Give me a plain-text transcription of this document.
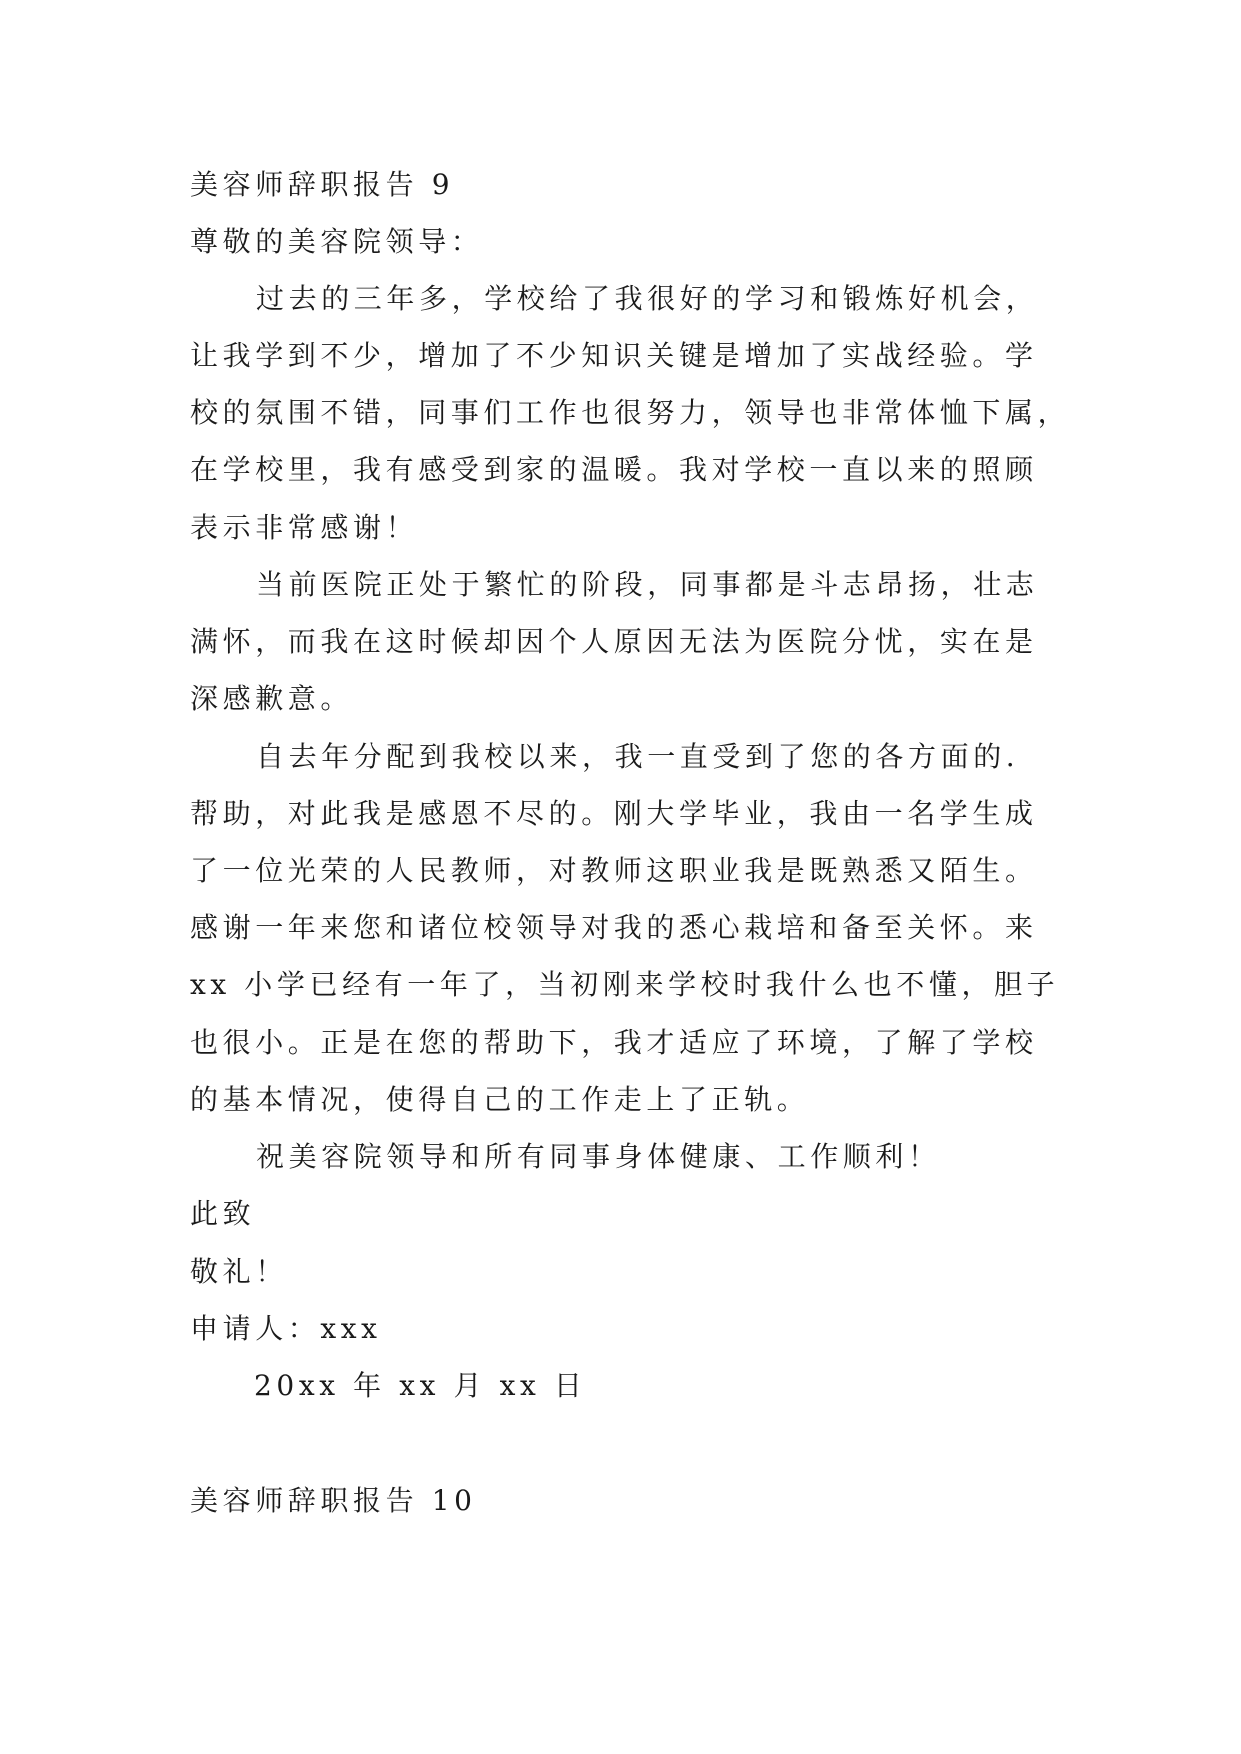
美容师辞职报告 9
尊敬的美容院领导：
过去的三年多，学校给了我很好的学习和锻炼好机会，
让我学到不少，增加了不少知识关键是增加了实战经验。学
校的氛围不错，同事们工作也很努力，领导也非常体恤下属，
在学校里，我有感受到家的温暖。我对学校一直以来的照顾
表示非常感谢！
当前医院正处于繁忙的阶段，同事都是斗志昂扬，壮志
满怀，而我在这时候却因个人原因无法为医院分忧，实在是
深感歉意。
自去年分配到我校以来，我一直受到了您的各方面的.
帮助，对此我是感恩不尽的。刚大学毕业，我由一名学生成
了一位光荣的人民教师，对教师这职业我是既熟悉又陌生。
感谢一年来您和诸位校领导对我的悉心栽培和备至关怀。来
xx 小学已经有一年了，当初刚来学校时我什么也不懂，胆子
也很小。正是在您的帮助下，我才适应了环境，了解了学校
的基本情况，使得自己的工作走上了正轨。
祝美容院领导和所有同事身体健康、工作顺利！
此致
敬礼！
申请人：xxx
20xx 年 xx 月 xx 日
美容师辞职报告 10
